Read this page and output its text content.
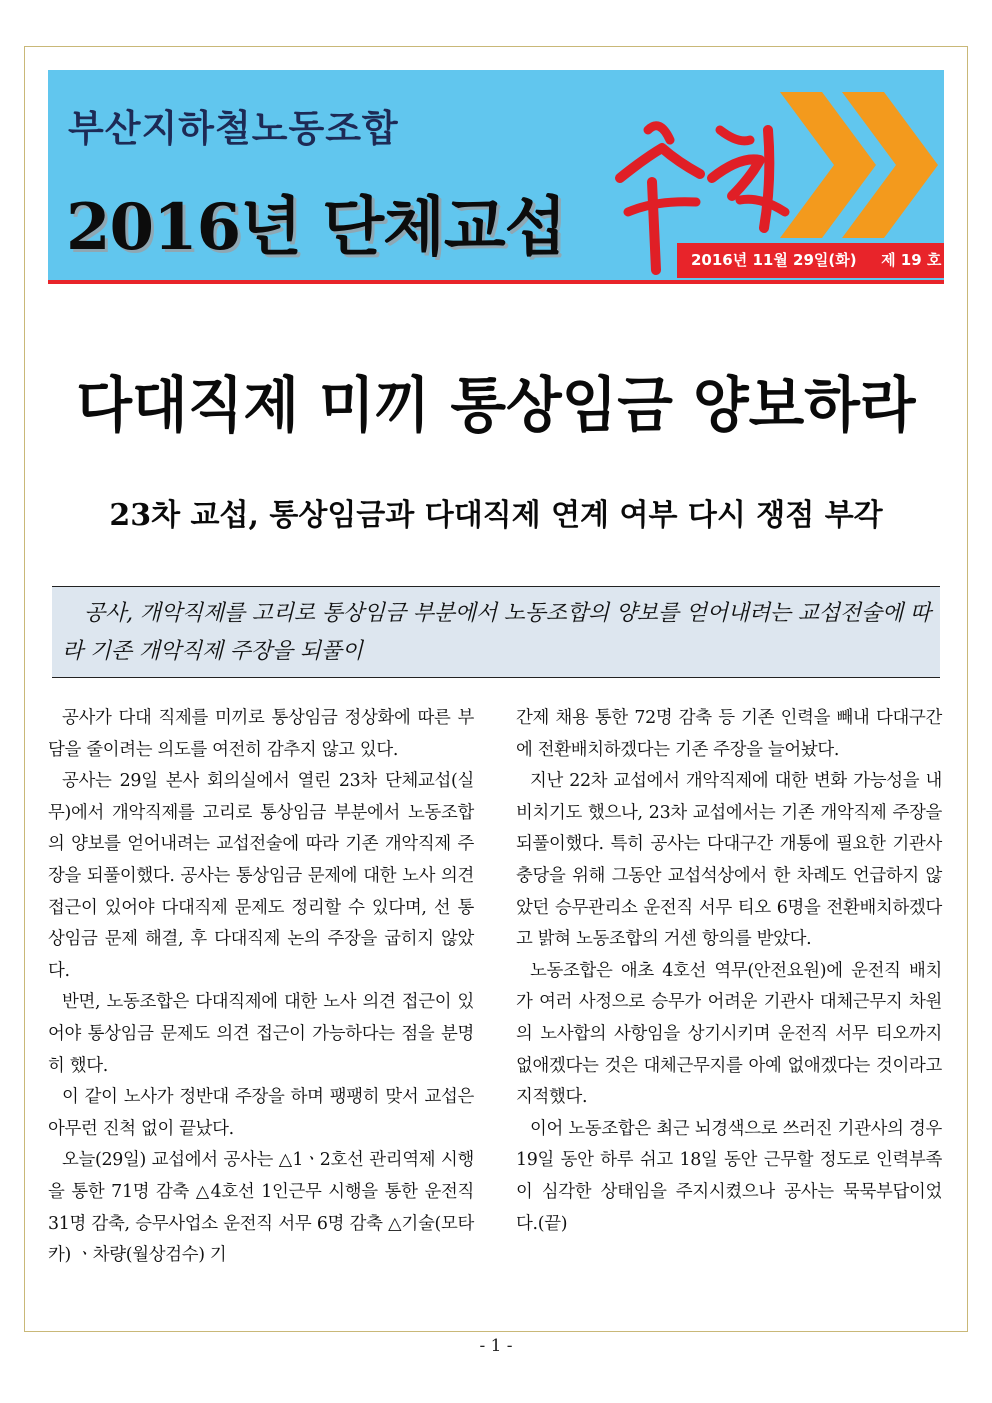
부산지하철노동조합
2016년 단체교섭	2016년 11월 29일(화) 제 19 호
다대직제 미끼 통상임금 양보하라
23차 교섭, 통상임금과 다대직제 연계 여부 다시 쟁점 부각

공사, 개악직제를 고리로 통상임금 부분에서 노동조합의 양보를 얻어내려는 교섭전술에 따라 기존 개악직제 주장을 되풀이

공사가 다대 직제를 미끼로 통상임금 정상화에 따른 부담을 줄이려는 의도를 여전히 감추지 않고 있다.

공사는 29일 본사 회의실에서 열린 23차 단체교섭(실무)에서 개악직제를 고리로 통상임금 부분에서 노동조합의 양보를 얻어내려는 교섭전술에 따라 기존 개악직제 주장을 되풀이했다. 공사는 통상임금 문제에 대한 노사 의견 접근이 있어야 다대직제 문제도 정리할 수 있다며, 선 통상임금 문제 해결, 후 다대직제 논의 주장을 굽히지 않았다.

반면, 노동조합은 다대직제에 대한 노사 의견 접근이 있어야 통상임금 문제도 의견 접근이 가능하다는 점을 분명히 했다.

이 같이 노사가 정반대 주장을 하며 팽팽히 맞서 교섭은 아무런 진척 없이 끝났다.

오늘(29일) 교섭에서 공사는 △1ㆍ2호선 관리역제 시행을 통한 71명 감축 △4호선 1인근무 시행을 통한 운전직 31명 감축, 승무사업소 운전직 서무 6명 감축 △기술(모타카) ㆍ차량(월상검수) 기

간제 채용 통한 72명 감축 등 기존 인력을 빼내 다대구간에 전환배치하겠다는 기존 주장을 늘어놨다.

지난 22차 교섭에서 개악직제에 대한 변화 가능성을 내비치기도 했으나, 23차 교섭에서는 기존 개악직제 주장을 되풀이했다. 특히 공사는 다대구간 개통에 필요한 기관사 충당을 위해 그동안 교섭석상에서 한 차례도 언급하지 않았던 승무관리소 운전직 서무 티오 6명을 전환배치하겠다고 밝혀 노동조합의 거센 항의를 받았다.

노동조합은 애초 4호선 역무(안전요원)에 운전직 배치가 여러 사정으로 승무가 어려운 기관사 대체근무지 차원의 노사합의 사항임을 상기시키며 운전직 서무 티오까지 없애겠다는 것은 대체근무지를 아예 없애겠다는 것이라고 지적했다.

이어 노동조합은 최근 뇌경색으로 쓰러진 기관사의 경우 19일 동안 하루 쉬고 18일 동안 근무할 정도로 인력부족이 심각한 상태임을 주지시켰으나 공사는 묵묵부답이었다.(끝)

- 1 -
